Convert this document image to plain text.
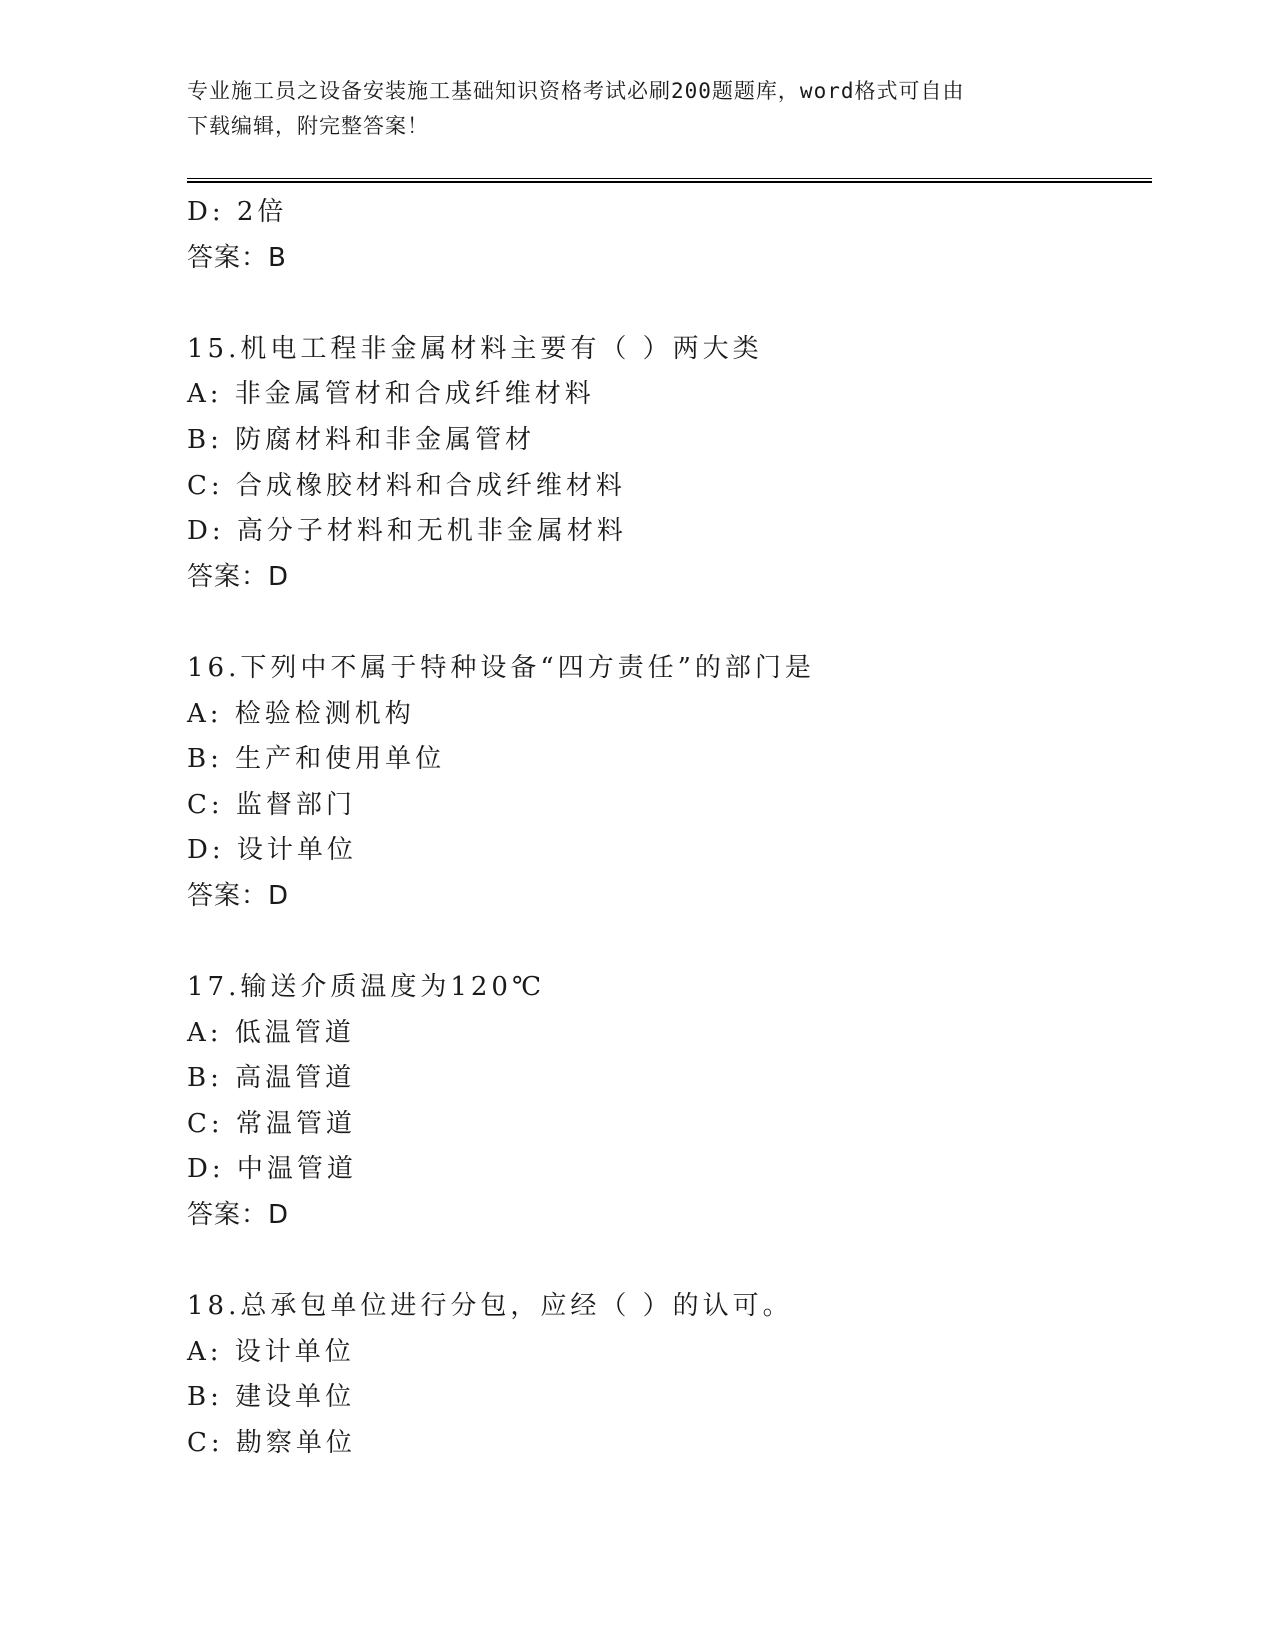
专业施工员之设备安装施工基础知识资格考试必刷200题题库，word格式可自由
下载编辑，附完整答案！
D: 2倍
答案：B
15.机电工程非金属材料主要有（ ）两大类
A: 非金属管材和合成纤维材料
B: 防腐材料和非金属管材
C: 合成橡胶材料和合成纤维材料
D: 高分子材料和无机非金属材料
答案：D
16.下列中不属于特种设备“四方责任”的部门是
A: 检验检测机构
B: 生产和使用单位
C: 监督部门
D: 设计单位
答案：D
17.输送介质温度为120℃
A: 低温管道
B: 高温管道
C: 常温管道
D: 中温管道
答案：D
18.总承包单位进行分包，应经（ ）的认可。
A: 设计单位
B: 建设单位
C: 勘察单位
